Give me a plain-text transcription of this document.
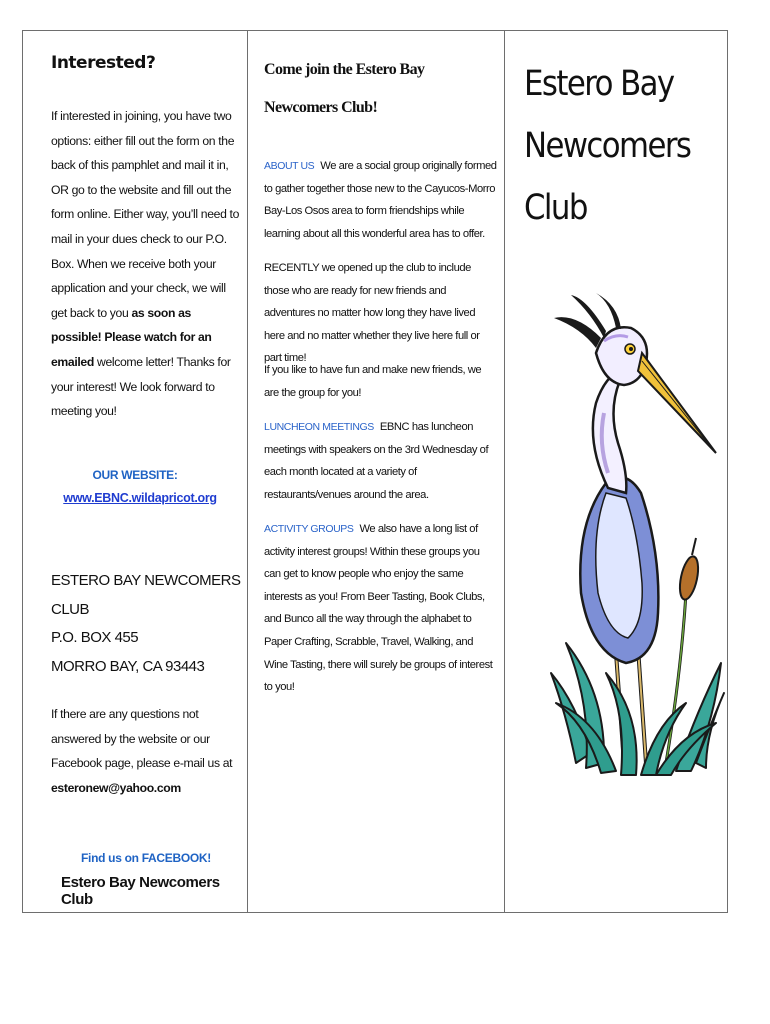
Interested?
If interested in joining, you have two options: either fill out the form on the back of this pamphlet and mail it in, OR go to the website and fill out the form online. Either way, you’ll need to mail in your dues check to our P.O. Box. When we receive both your application and your check, we will get back to you as soon as possible! Please watch for an emailed welcome letter! Thanks for your interest! We look forward to meeting you!
OUR WEBSITE:
www.EBNC.wildapricot.org
ESTERO BAY NEWCOMERS
CLUB
P.O. BOX 455
MORRO BAY, CA 93443
If there are any questions not answered by the website or our Facebook page, please e-mail us at esteronew@yahoo.com
Find us on FACEBOOK!
Estero Bay Newcomers Club
Come join the Estero Bay Newcomers Club!
ABOUT US We are a social group originally formed to gather together those new to the Cayucos-Morro Bay-Los Osos area to form friendships while learning about all this wonderful area has to offer.
RECENTLY we opened up the club to include those who are ready for new friends and adventures no matter how long they have lived here and no matter whether they live here full or part time!
If you like to have fun and make new friends, we are the group for you!
LUNCHEON MEETINGS EBNC has luncheon meetings with speakers on the 3rd Wednesday of each month located at a variety of restaurants/venues around the area.
ACTIVITY GROUPS We also have a long list of activity interest groups! Within these groups you can get to know people who enjoy the same interests as you! From Beer Tasting, Book Clubs, and Bunco all the way through the alphabet to Paper Crafting, Scrabble, Travel, Walking, and Wine Tasting, there will surely be groups of interest to you!
Estero Bay
Newcomers
Club
